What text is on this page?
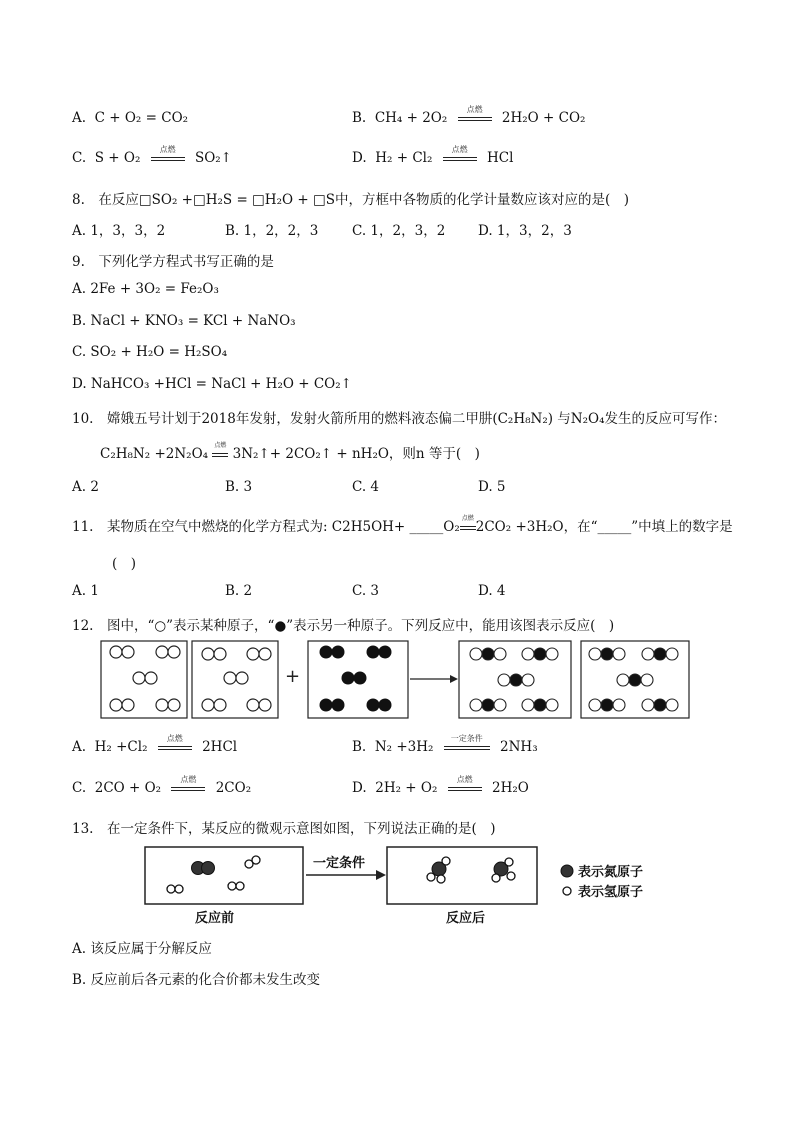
A. C + O₂ = CO₂	B. CH₄ + 2O₂
点燃
2H₂O + CO₂
C. S + O₂
点燃
SO₂↑	D. H₂ + Cl₂
点燃
HCl
8.　在反应□SO₂ +□H₂S = □H₂O + □S中，方框中各物质的化学计量数应该对应的是(　)
A. 1，3，3，2	B. 1，2，2，3 C. 1，2，3，2 D. 1，3，2，3
9.　下列化学方程式书写正确的是
A. 2Fe + 3O₂ = Fe₂O₃
B. NaCl + KNO₃ = KCl + NaNO₃
C. SO₂ + H₂O = H₂SO₄
D. NaHCO₃ +HCl = NaCl + H₂O + CO₂↑
10.　嫦娥五号计划于2018年发射，发射火箭所用的燃料液态偏二甲肼(C₂H₈N₂) 与N₂O₄发生的反应可写作：
C₂H₈N₂ +2N₂O₄
点燃
3N₂↑+ 2CO₂↑ + nH₂O，则n 等于(　)
A. 2	B. 3	C. 4	D. 5
11.　某物质在空气中燃烧的化学方程式为: C2H5OH+ _____O₂
点燃
2CO₂ +3H₂O，在“_____”中填上的数字是
(　)
A. 1	B. 2	C. 3	D. 4
12.　图中，“○”表示某种原子，“●”表示另一种原子。下列反应中，能用该图表示反应(　)
+
A. H₂ +Cl₂
点燃
2HCl	B. N₂ +3H₂
一定条件
2NH₃
C. 2CO + O₂
点燃
2CO₂	D. 2H₂ + O₂
点燃
2H₂O
13.　在一定条件下，某反应的微观示意图如图，下列说法正确的是(　)
一定条件
反应前	反应后
表示氮原子
表示氢原子
A. 该反应属于分解反应
B. 反应前后各元素的化合价都未发生改变
